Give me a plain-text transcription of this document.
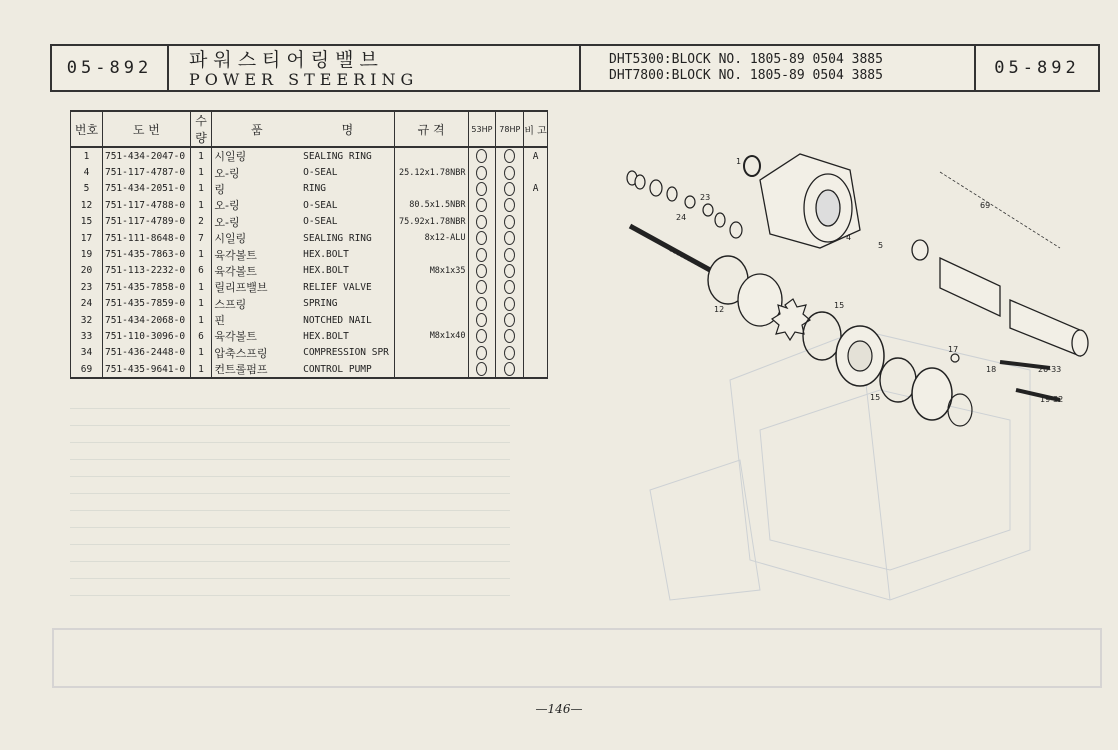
05-892	파워스티어링밸브
POWER STEERING
DHT5300:BLOCK NO. 1805-89 0504 3885
DHT7800:BLOCK NO. 1805-89 0504 3885	05-892
번호	도 번	수량	품	명	규 격	53HP	78HP	비 고
1	751-434-2047-0	1	시일링	SEALING RING				A
4	751-117-4787-0	1	오-링	O-SEAL	25.12x1.78NBR			
5	751-434-2051-0	1	링	RING				A
12	751-117-4788-0	1	오-링	O-SEAL	80.5x1.5NBR			
15	751-117-4789-0	2	오-링	O-SEAL	75.92x1.78NBR			
17	751-111-8648-0	7	시일링	SEALING RING	8x12-ALU			
19	751-435-7863-0	1	육각볼트	HEX.BOLT				
20	751-113-2232-0	6	육각볼트	HEX.BOLT	M8x1x35			
23	751-435-7858-0	1	릴리프밸브	RELIEF VALVE				
24	751-435-7859-0	1	스프링	SPRING				
32	751-434-2068-0	1	핀	NOTCHED NAIL				
33	751-110-3096-0	6	육각볼트	HEX.BOLT	M8x1x40			
34	751-436-2448-0	1	압축스프링	COMPRESSION SPR				
69	751-435-9641-0	1	컨트롤펌프	CONTROL PUMP				
1
23
24
4
5
69
12	15
15
17
18	20-33
19-32
—146—
